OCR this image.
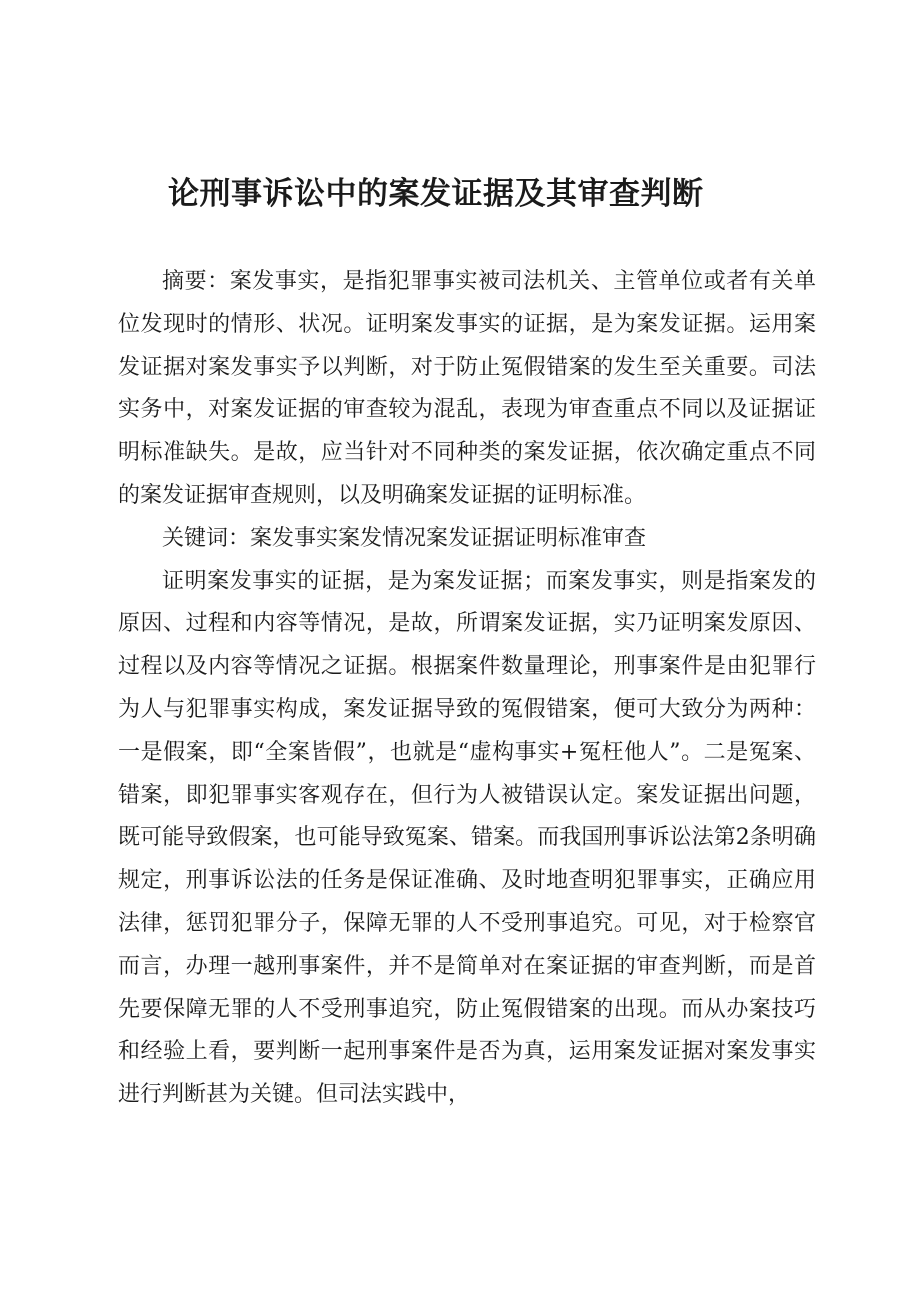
论刑事诉讼中的案发证据及其审查判断

摘要：案发事实，是指犯罪事实被司法机关、主管单位或者有关单位发现时的情形、状况。证明案发事实的证据，是为案发证据。运用案发证据对案发事实予以判断，对于防止冤假错案的发生至关重要。司法实务中，对案发证据的审查较为混乱，表现为审查重点不同以及证据证明标准缺失。是故，应当针对不同种类的案发证据，依次确定重点不同的案发证据审查规则，以及明确案发证据的证明标准。

关键词：案发事实案发情况案发证据证明标准审查

证明案发事实的证据，是为案发证据；而案发事实，则是指案发的原因、过程和内容等情况，是故，所谓案发证据，实乃证明案发原因、过程以及内容等情况之证据。根据案件数量理论，刑事案件是由犯罪行为人与犯罪事实构成，案发证据导致的冤假错案，便可大致分为两种：一是假案，即“全案皆假”，也就是“虚构事实+冤枉他人”。二是冤案、错案，即犯罪事实客观存在，但行为人被错误认定。案发证据出问题，既可能导致假案，也可能导致冤案、错案。而我国刑事诉讼法第2条明确规定，刑事诉讼法的任务是保证准确、及时地查明犯罪事实，正确应用法律，惩罚犯罪分子，保障无罪的人不受刑事追究。可见，对于检察官而言，办理一越刑事案件，并不是简单对在案证据的审查判断，而是首先要保障无罪的人不受刑事追究，防止冤假错案的出现。而从办案技巧和经验上看，要判断一起刑事案件是否为真，运用案发证据对案发事实进行判断甚为关键。但司法实践中，
